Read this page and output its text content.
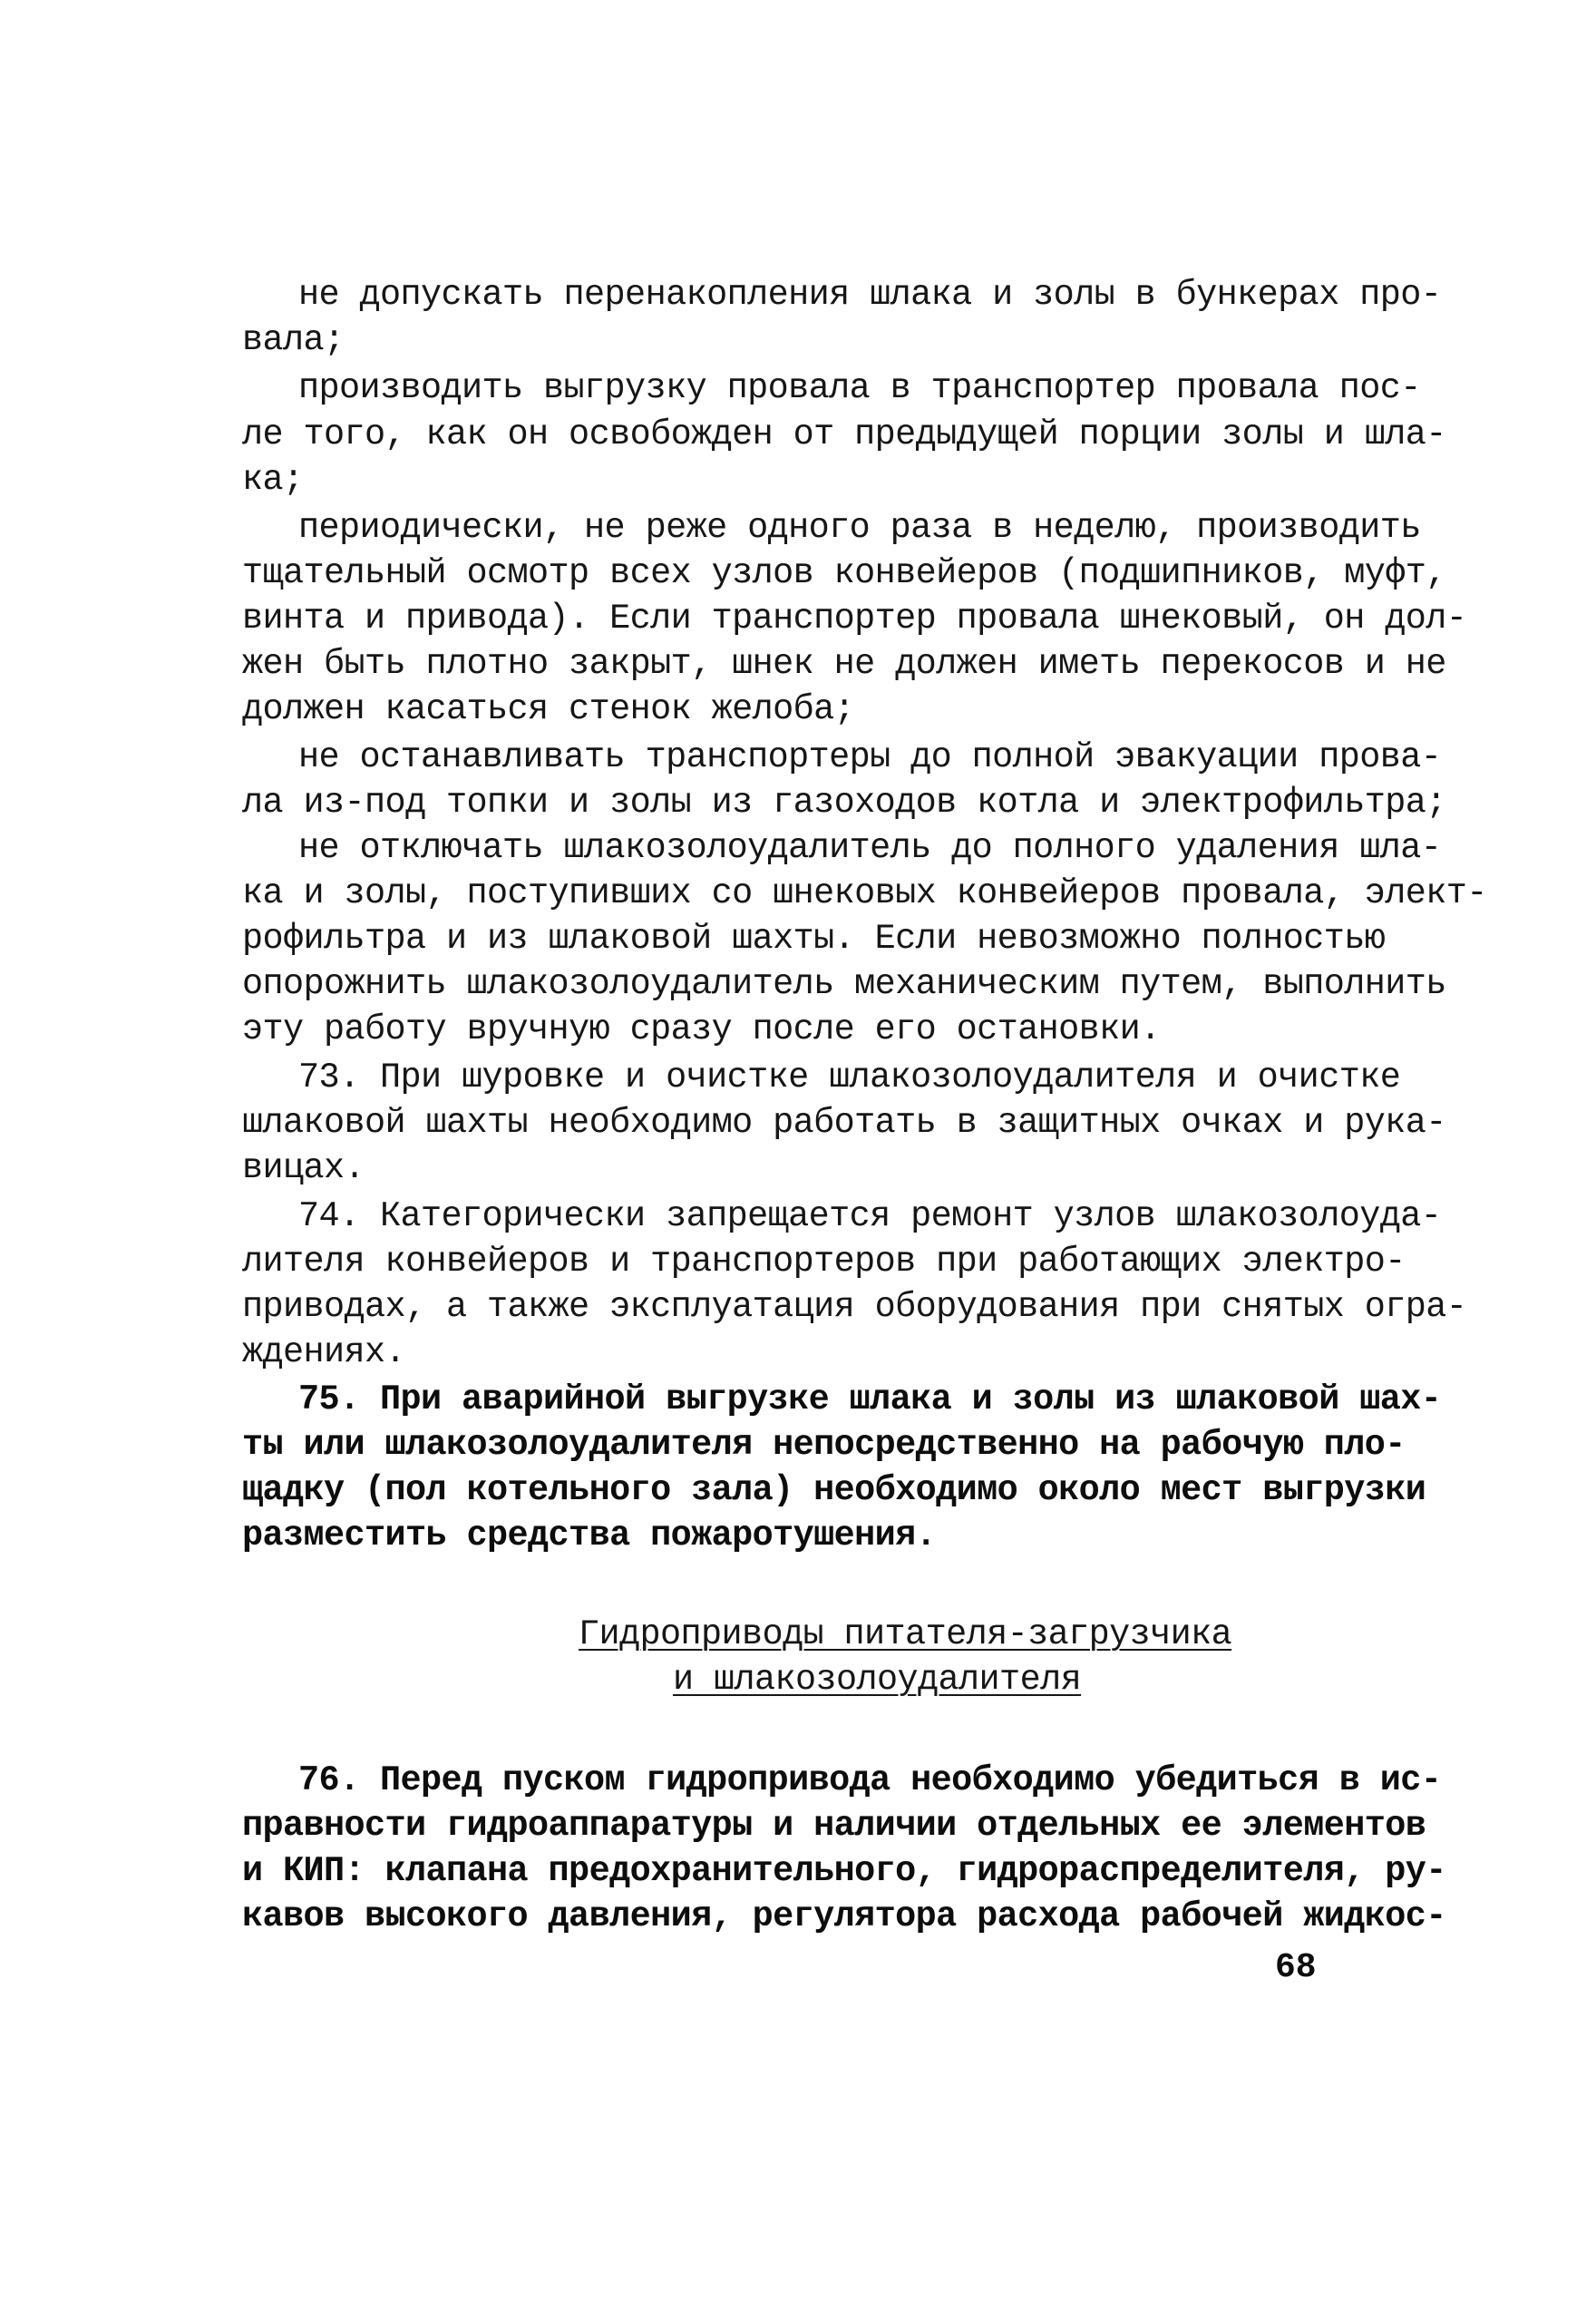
не допускать перенакопления шлака и золы в бункерах про-
вала;
производить выгрузку провала в транспортер провала пос-
ле того, как он освобожден от предыдущей порции золы и шла-
ка;
периодически, не реже одного раза в неделю, производить
тщательный осмотр всех узлов конвейеров (подшипников, муфт,
винта и привода). Если транспортер провала шнековый, он дол-
жен быть плотно закрыт, шнек не должен иметь перекосов и не
должен касаться стенок желоба;
не останавливать транспортеры до полной эвакуации прова-
ла из-под топки и золы из газоходов котла и электрофильтра;
не отключать шлакозолоудалитель до полного удаления шла-
ка и золы, поступивших со шнековых конвейеров провала, элект-
рофильтра и из шлаковой шахты. Если невозможно полностью
опорожнить шлакозолоудалитель механическим путем, выполнить
эту работу вручную сразу после его остановки.
73. При шуровке и очистке шлакозолоудалителя и очистке
шлаковой шахты необходимо работать в защитных очках и рука-
вицах.
74. Категорически запрещается ремонт узлов шлакозолоуда-
лителя конвейеров и транспортеров при работающих электро-
приводах, а также эксплуатация оборудования при снятых огра-
ждениях.
75. При аварийной выгрузке шлака и золы из шлаковой шах-
ты или шлакозолоудалителя непосредственно на рабочую пло-
щадку (пол котельного зала) необходимо около мест выгрузки
разместить средства пожаротушения.
Гидроприводы питателя-загрузчика
и шлакозолоудалителя
76. Перед пуском гидропривода необходимо убедиться в ис-
правности гидроаппаратуры и наличии отдельных ее элементов
и КИП: клапана предохранительного, гидрораспределителя, ру-
кавов высокого давления, регулятора расхода рабочей жидкос-
68
